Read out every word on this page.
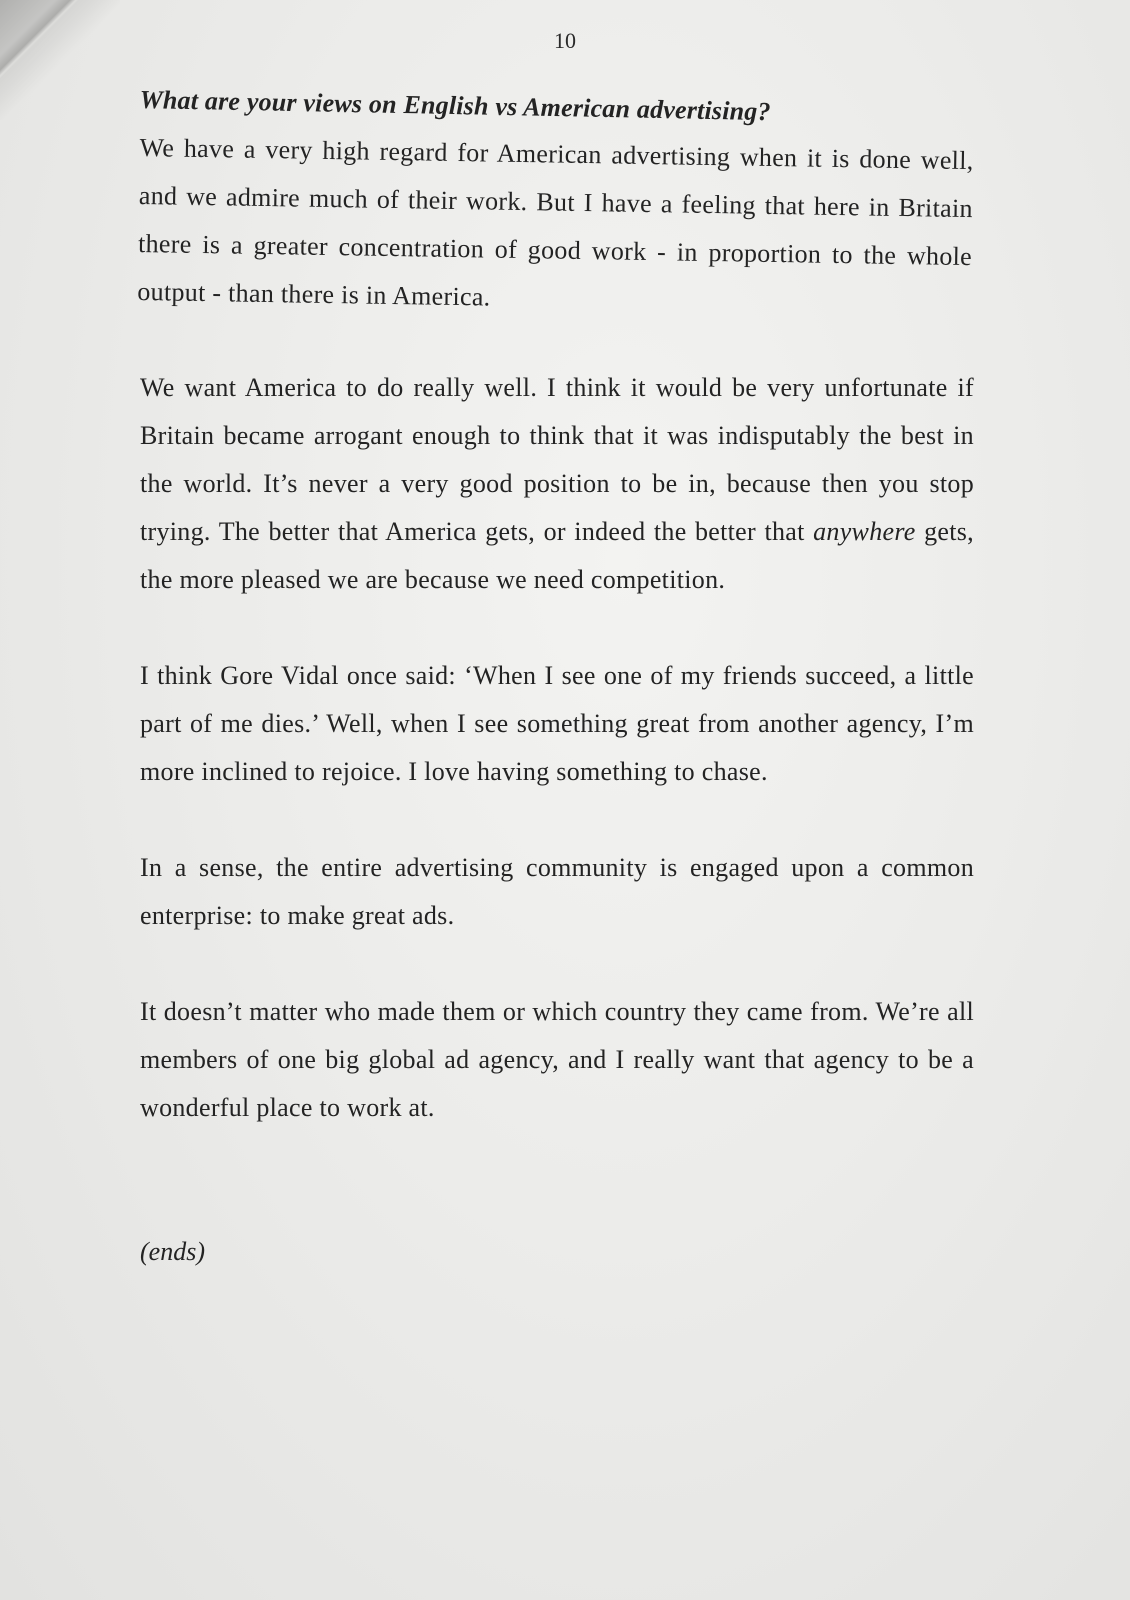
10

What are your views on English vs American advertising?

We have a very high regard for American advertising when it is done well, and we admire much of their work. But I have a feeling that here in Britain there is a greater concentration of good work - in proportion to the whole output - than there is in America.

We want America to do really well. I think it would be very unfortunate if Britain became arrogant enough to think that it was indisputably the best in the world. It’s never a very good position to be in, because then you stop trying. The better that America gets, or indeed the better that anywhere gets, the more pleased we are because we need competition.

I think Gore Vidal once said: ‘When I see one of my friends succeed, a little part of me dies.’ Well, when I see something great from another agency, I’m more inclined to rejoice. I love having something to chase.

In a sense, the entire advertising community is engaged upon a common enterprise: to make great ads.

It doesn’t matter who made them or which country they came from. We’re all members of one big global ad agency, and I really want that agency to be a wonderful place to work at.

(ends)
